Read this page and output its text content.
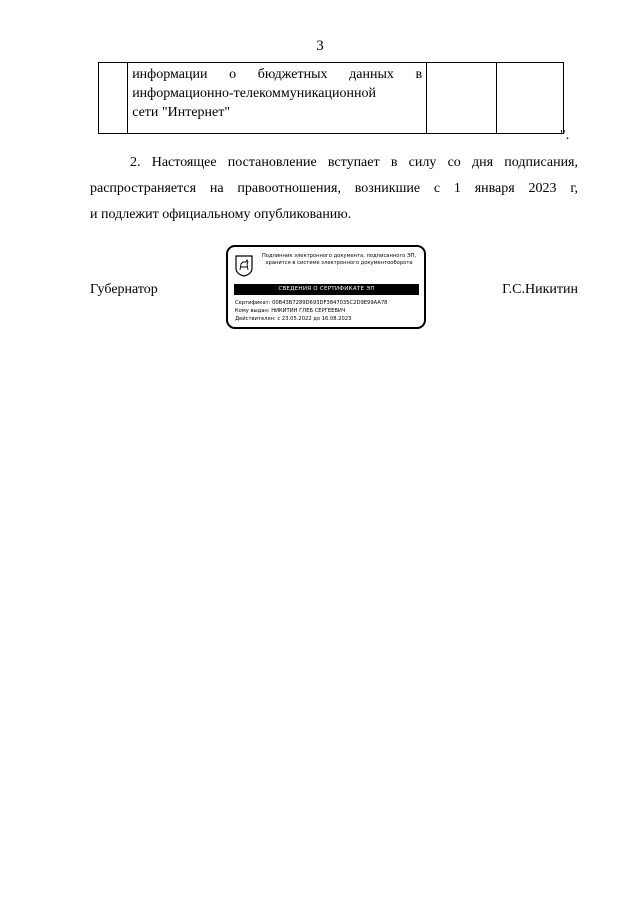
3

информации о бюджетных данных в
информационно-телекоммуникационной
сети "Интернет"

".
2. Настоящее постановление вступает в силу со дня подписания,
распространяется на правоотношения, возникшие с 1 января 2023 г,
и подлежит официальному опубликованию.
Губернатор	Г.С.Никитин
Подлинник электронного документа, подписанного ЭП, хранится в системе электронного документооборота
СВЕДЕНИЯ О СЕРТИФИКАТЕ ЭП
Сертификат: 00B43B7289D693DF3847035C2D9E99AA78
Кому выдан: НИКИТИН ГЛЕБ СЕРГЕЕВИЧ
Действителен: с 23.05.2022 до 16.08.2023
